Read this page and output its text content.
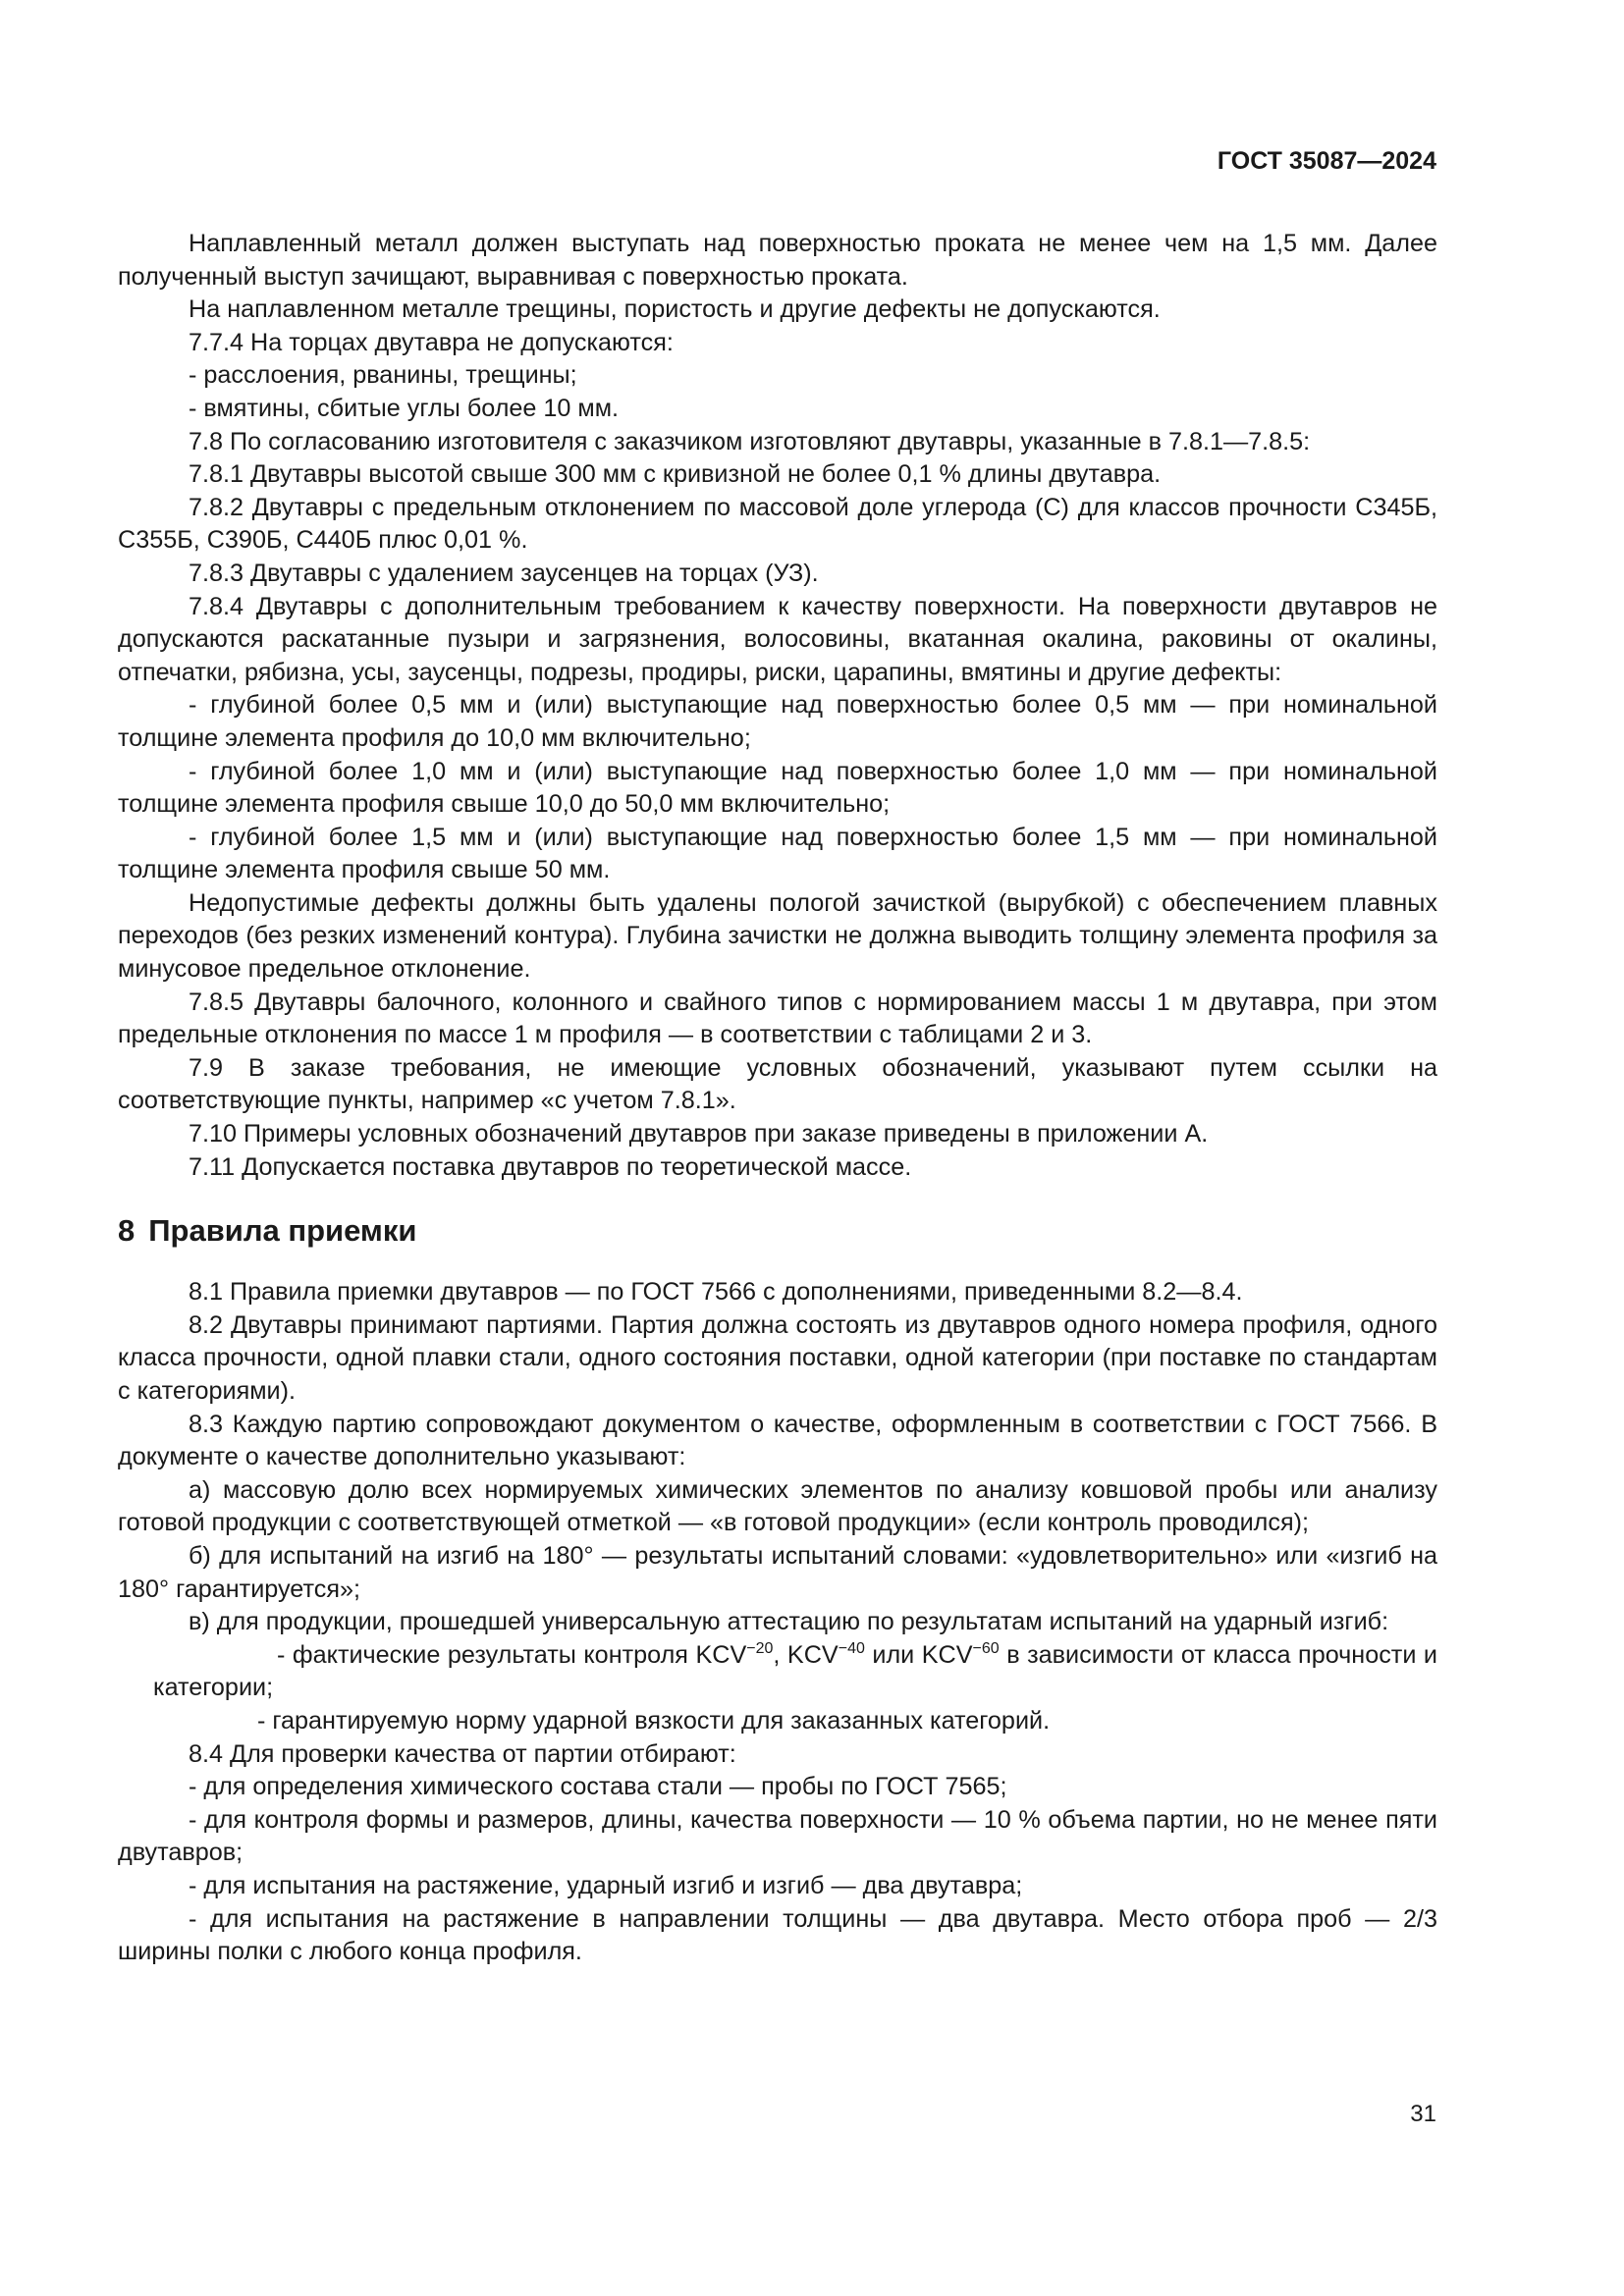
ГОСТ 35087—2024

Наплавленный металл должен выступать над поверхностью проката не менее чем на 1,5 мм. Далее полученный выступ зачищают, выравнивая с поверхностью проката.

На наплавленном металле трещины, пористость и другие дефекты не допускаются.

7.7.4 На торцах двутавра не допускаются:

- расслоения, рванины, трещины;

- вмятины, сбитые углы более 10 мм.

7.8 По согласованию изготовителя с заказчиком изготовляют двутавры, указанные в 7.8.1—7.8.5:

7.8.1 Двутавры высотой свыше 300 мм с кривизной не более 0,1 % длины двутавра.

7.8.2 Двутавры с предельным отклонением по массовой доле углерода (С) для классов прочности С345Б, С355Б, С390Б, С440Б плюс 0,01 %.

7.8.3 Двутавры с удалением заусенцев на торцах (УЗ).

7.8.4 Двутавры с дополнительным требованием к качеству поверхности. На поверхности двутавров не допускаются раскатанные пузыри и загрязнения, волосовины, вкатанная окалина, раковины от окалины, отпечатки, рябизна, усы, заусенцы, подрезы, продиры, риски, царапины, вмятины и другие дефекты:

- глубиной более 0,5 мм и (или) выступающие над поверхностью более 0,5 мм — при номинальной толщине элемента профиля до 10,0 мм включительно;

- глубиной более 1,0 мм и (или) выступающие над поверхностью более 1,0 мм — при номинальной толщине элемента профиля свыше 10,0 до 50,0 мм включительно;

- глубиной более 1,5 мм и (или) выступающие над поверхностью более 1,5 мм — при номинальной толщине элемента профиля свыше 50 мм.

Недопустимые дефекты должны быть удалены пологой зачисткой (вырубкой) с обеспечением плавных переходов (без резких изменений контура). Глубина зачистки не должна выводить толщину элемента профиля за минусовое предельное отклонение.

7.8.5 Двутавры балочного, колонного и свайного типов с нормированием массы 1 м двутавра, при этом предельные отклонения по массе 1 м профиля — в соответствии с таблицами 2 и 3.

7.9 В заказе требования, не имеющие условных обозначений, указывают путем ссылки на соответствующие пункты, например «с учетом 7.8.1».

7.10 Примеры условных обозначений двутавров при заказе приведены в приложении А.

7.11 Допускается поставка двутавров по теоретической массе.

8 Правила приемки

8.1 Правила приемки двутавров — по ГОСТ 7566 с дополнениями, приведенными 8.2—8.4.

8.2 Двутавры принимают партиями. Партия должна состоять из двутавров одного номера профиля, одного класса прочности, одной плавки стали, одного состояния поставки, одной категории (при поставке по стандартам с категориями).

8.3 Каждую партию сопровождают документом о качестве, оформленным в соответствии с ГОСТ 7566. В документе о качестве дополнительно указывают:

а) массовую долю всех нормируемых химических элементов по анализу ковшовой пробы или анализу готовой продукции с соответствующей отметкой — «в готовой продукции» (если контроль проводился);

б) для испытаний на изгиб на 180° — результаты испытаний словами: «удовлетворительно» или «изгиб на 180° гарантируется»;

в) для продукции, прошедшей универсальную аттестацию по результатам испытаний на ударный изгиб:

- фактические результаты контроля $KCV^{-20}$, $KCV^{-40}$ или $KCV^{-60}$ в зависимости от класса прочности и категории;

- гарантируемую норму ударной вязкости для заказанных категорий.

8.4 Для проверки качества от партии отбирают:

- для определения химического состава стали — пробы по ГОСТ 7565;

- для контроля формы и размеров, длины, качества поверхности — 10 % объема партии, но не менее пяти двутавров;

- для испытания на растяжение, ударный изгиб и изгиб — два двутавра;

- для испытания на растяжение в направлении толщины — два двутавра. Место отбора проб — 2/3 ширины полки с любого конца профиля.

31
